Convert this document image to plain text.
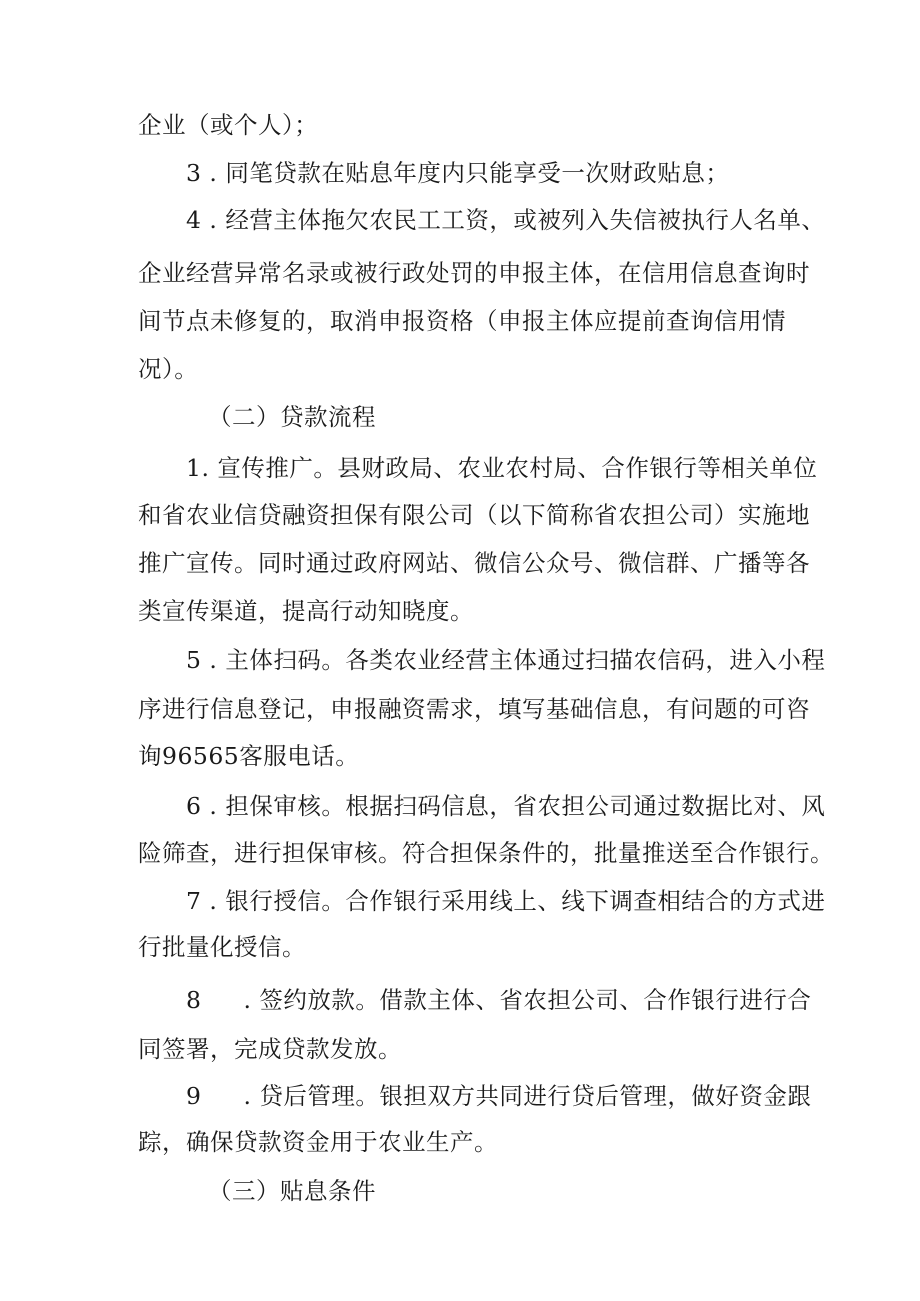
企业（或个人）；
3 . 同笔贷款在贴息年度内只能享受一次财政贴息；
4 . 经营主体拖欠农民工工资，或被列入失信被执行人名单、
企业经营异常名录或被行政处罚的申报主体，在信用信息查询时
间节点未修复的，取消申报资格（申报主体应提前查询信用情
况）。
（二）贷款流程
1. 宣传推广。县财政局、农业农村局、合作银行等相关单位
和省农业信贷融资担保有限公司（以下简称省农担公司）实施地
推广宣传。同时通过政府网站、微信公众号、微信群、广播等各
类宣传渠道，提高行动知晓度。
5 . 主体扫码。各类农业经营主体通过扫描农信码，进入小程
序进行信息登记，申报融资需求，填写基础信息，有问题的可咨
询96565客服电话。
6 . 担保审核。根据扫码信息，省农担公司通过数据比对、风
险筛查，进行担保审核。符合担保条件的，批量推送至合作银行。
7 . 银行授信。合作银行采用线上、线下调查相结合的方式进
行批量化授信。
8 . 签约放款。借款主体、省农担公司、合作银行进行合
同签署，完成贷款发放。
9 . 贷后管理。银担双方共同进行贷后管理，做好资金跟
踪，确保贷款资金用于农业生产。
（三）贴息条件
